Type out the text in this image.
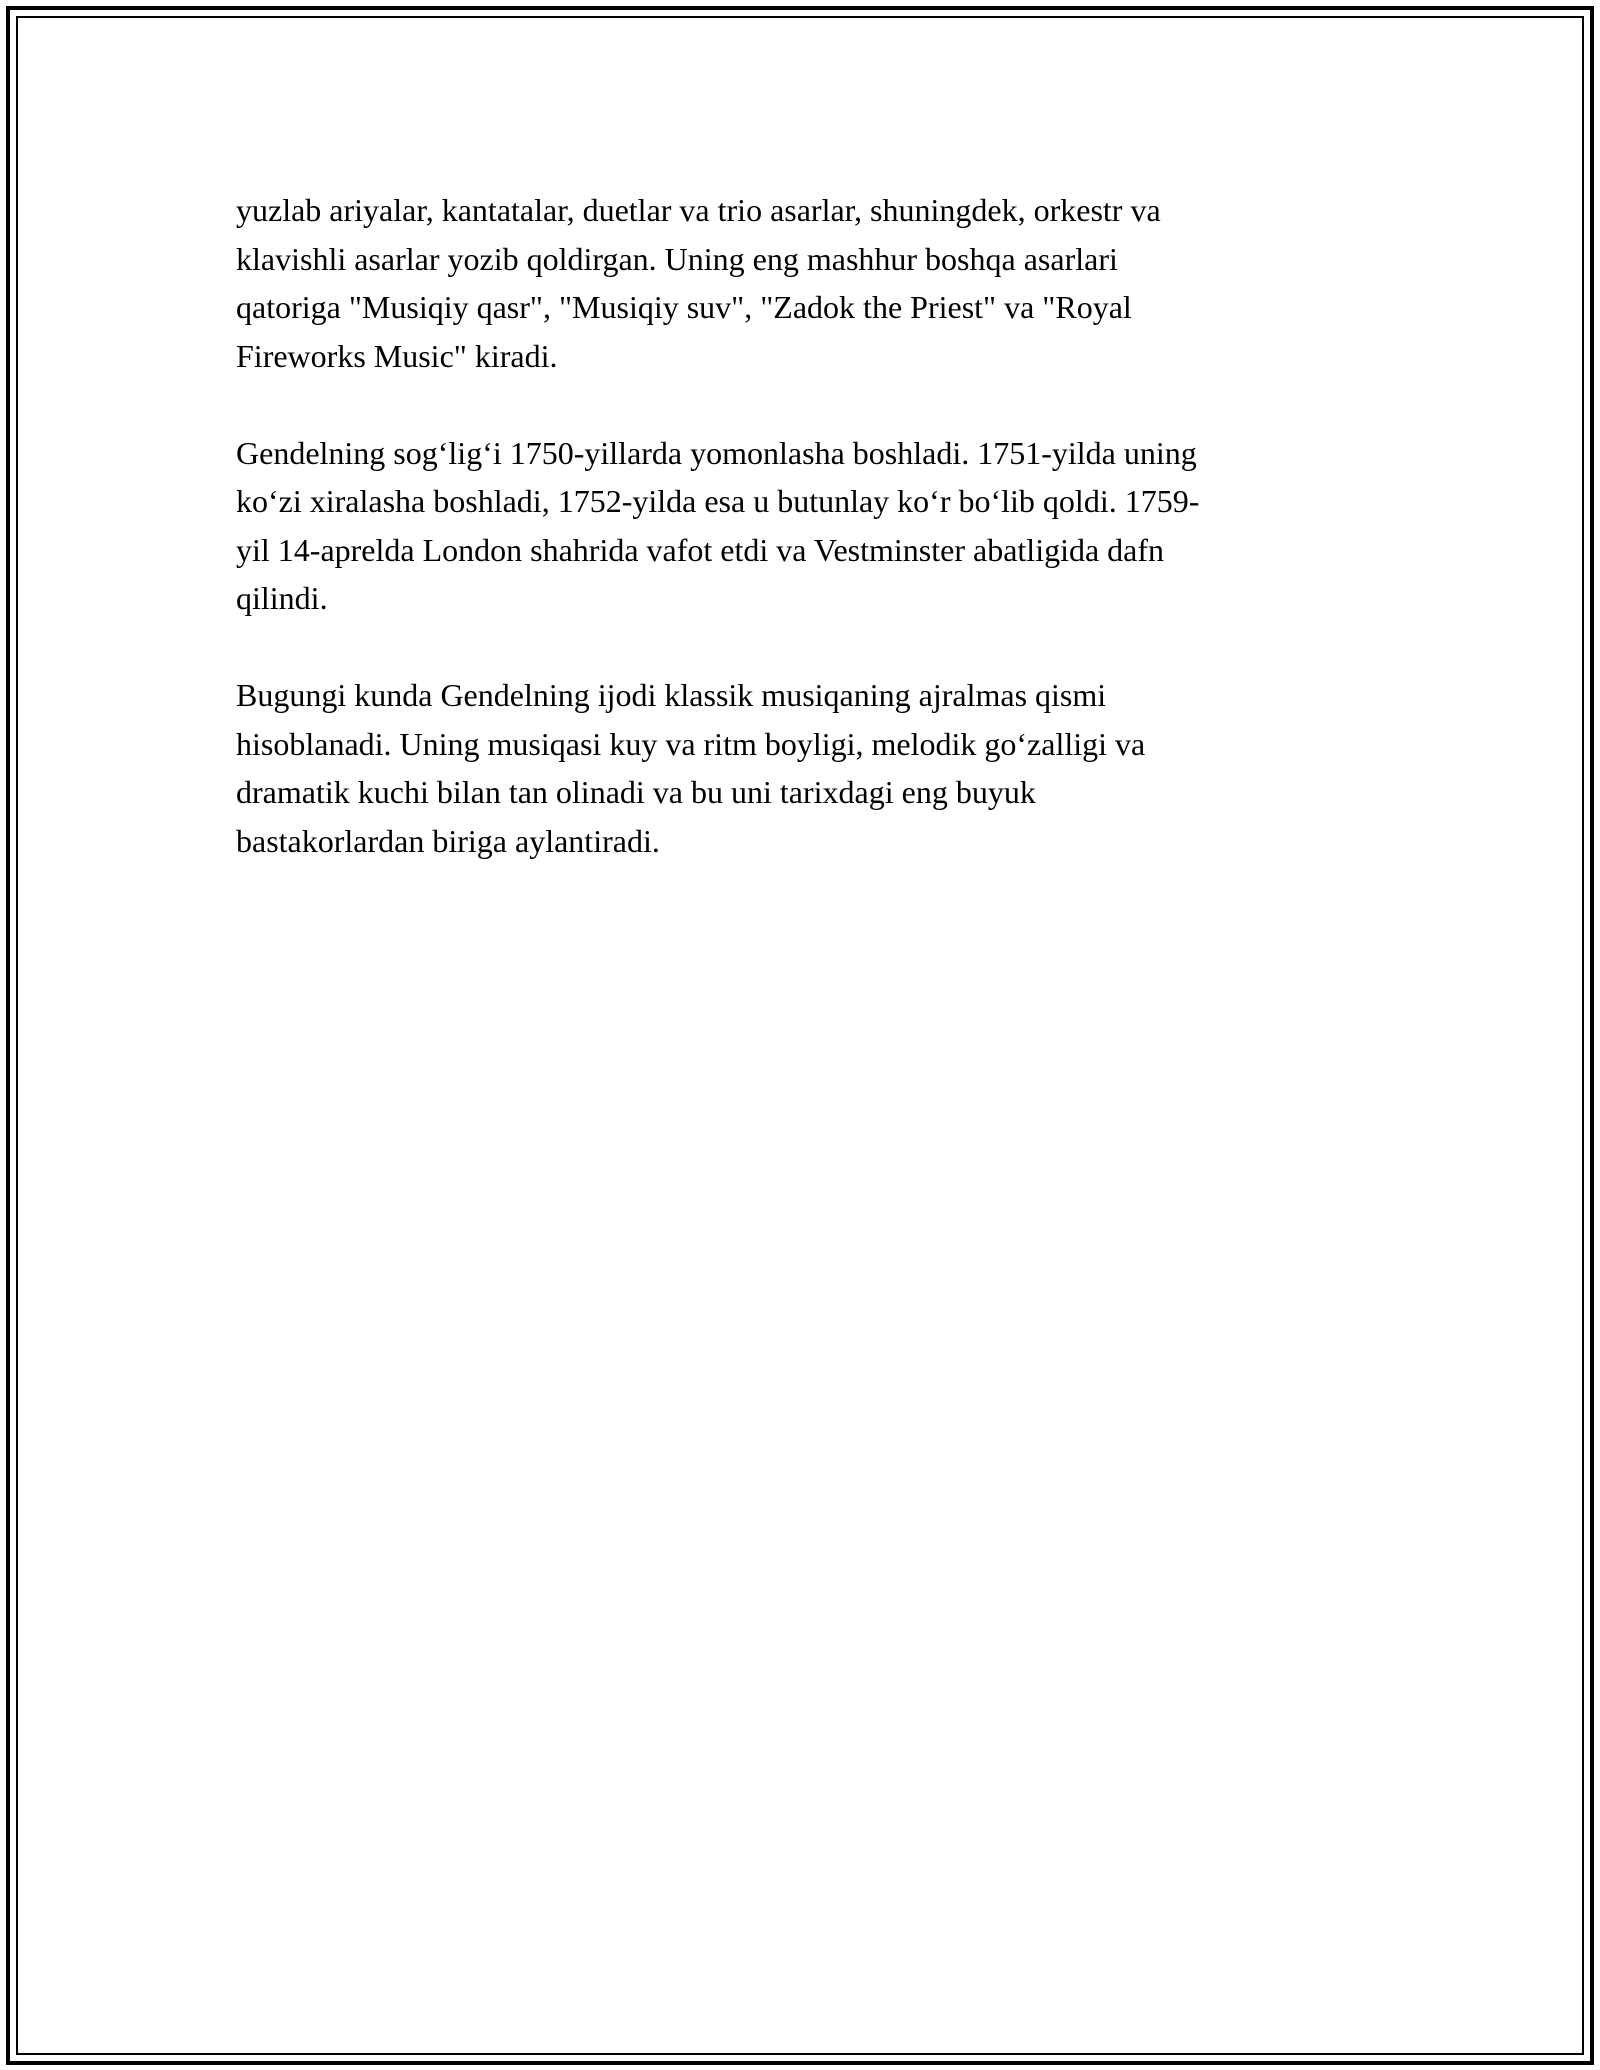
yuzlab ariyalar, kantatalar, duetlar va trio asarlar, shuningdek, orkestr va
klavishli asarlar yozib qoldirgan. Uning eng mashhur boshqa asarlari
qatoriga "Musiqiy qasr", "Musiqiy suv", "Zadok the Priest" va "Royal
Fireworks Music" kiradi.

Gendelning sog‘lig‘i 1750-yillarda yomonlasha boshladi. 1751-yilda uning
ko‘zi xiralasha boshladi, 1752-yilda esa u butunlay ko‘r bo‘lib qoldi. 1759-
yil 14-aprelda London shahrida vafot etdi va Vestminster abatligida dafn
qilindi.

Bugungi kunda Gendelning ijodi klassik musiqaning ajralmas qismi
hisoblanadi. Uning musiqasi kuy va ritm boyligi, melodik go‘zalligi va
dramatik kuchi bilan tan olinadi va bu uni tarixdagi eng buyuk
bastakorlardan biriga aylantiradi.
